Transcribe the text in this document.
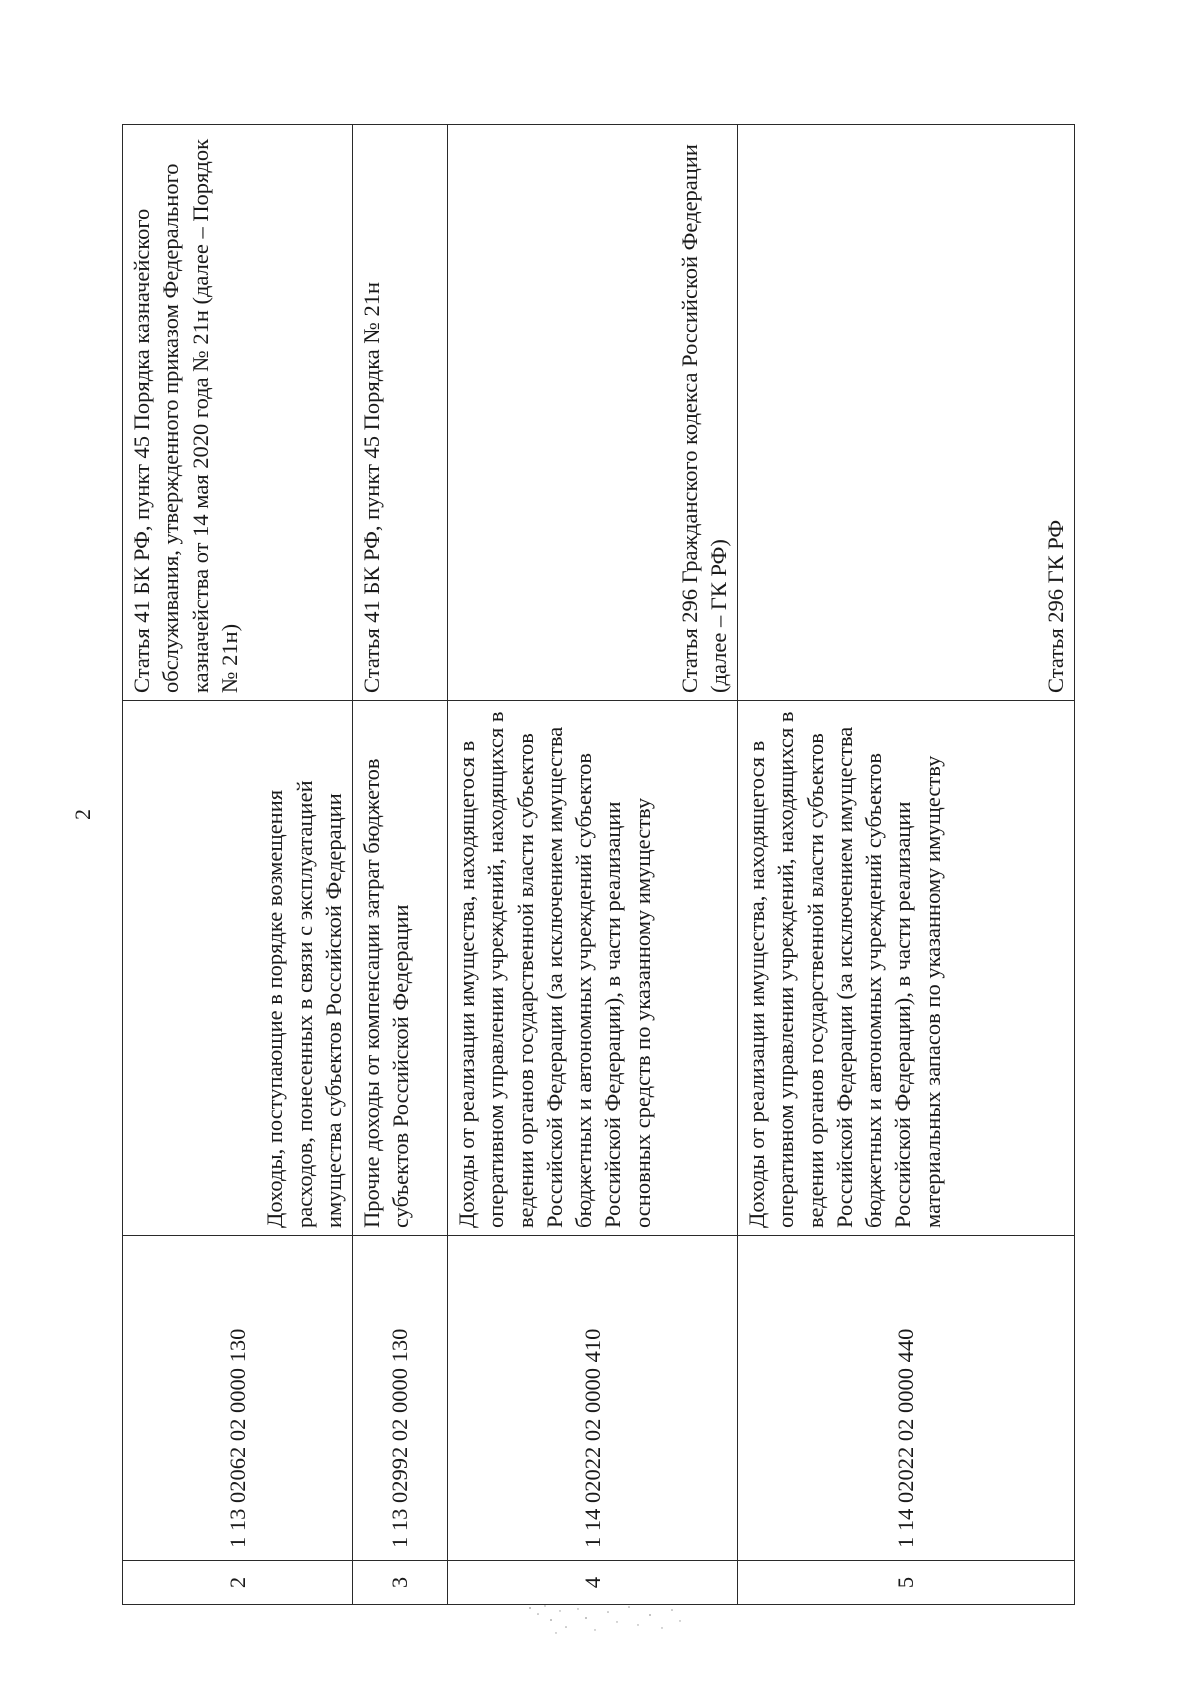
2
2	1 13 02062 02 0000 130	Доходы, поступающие в порядке возмещения расходов, понесенных в связи с эксплуатацией имущества субъектов Российской Федерации	Статья 41 БК РФ, пункт 45 Порядка казначейского обслуживания, утвержденного приказом Федерального казначейства от 14 мая 2020 года № 21н (далее – Порядок № 21н)
3	1 13 02992 02 0000 130	Прочие доходы от компенсации затрат бюджетов субъектов Российской Федерации	Статья 41 БК РФ, пункт 45 Порядка № 21н
4	1 14 02022 02 0000 410	Доходы от реализации имущества, находящегося в оперативном управлении учреждений, находящихся в ведении органов государственной власти субъектов Российской Федерации (за исключением имущества бюджетных и автономных учреждений субъектов Российской Федерации), в части реализации основных средств по указанному имуществу	Статья 296 Гражданского кодекса Российской Федерации (далее – ГК РФ)
5	1 14 02022 02 0000 440	Доходы от реализации имущества, находящегося в оперативном управлении учреждений, находящихся в ведении органов государственной власти субъектов Российской Федерации (за исключением имущества бюджетных и автономных учреждений субъектов Российской Федерации), в части реализации материальных запасов по указанному имуществу	Статья 296 ГК РФ
